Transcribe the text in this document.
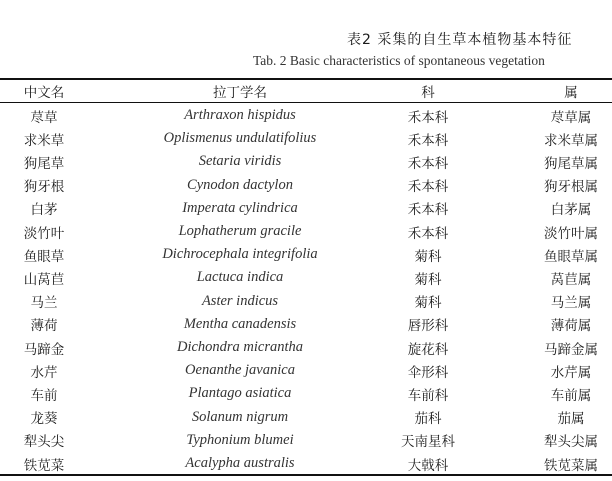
表2 采集的自生草本植物基本特征
Tab. 2 Basic characteristics of spontaneous vegetation
中文名	拉丁学名	科	属
荩草	Arthraxon hispidus	禾本科	荩草属
求米草	Oplismenus undulatifolius	禾本科	求米草属
狗尾草	Setaria viridis	禾本科	狗尾草属
狗牙根	Cynodon dactylon	禾本科	狗牙根属
白茅	Imperata cylindrica	禾本科	白茅属
淡竹叶	Lophatherum gracile	禾本科	淡竹叶属
鱼眼草	Dichrocephala integrifolia	菊科	鱼眼草属
山莴苣	Lactuca indica	菊科	莴苣属
马兰	Aster indicus	菊科	马兰属
薄荷	Mentha canadensis	唇形科	薄荷属
马蹄金	Dichondra micrantha	旋花科	马蹄金属
水芹	Oenanthe javanica	伞形科	水芹属
车前	Plantago asiatica	车前科	车前属
龙葵	Solanum nigrum	茄科	茄属
犁头尖	Typhonium blumei	天南星科	犁头尖属
铁苋菜	Acalypha australis	大戟科	铁苋菜属
